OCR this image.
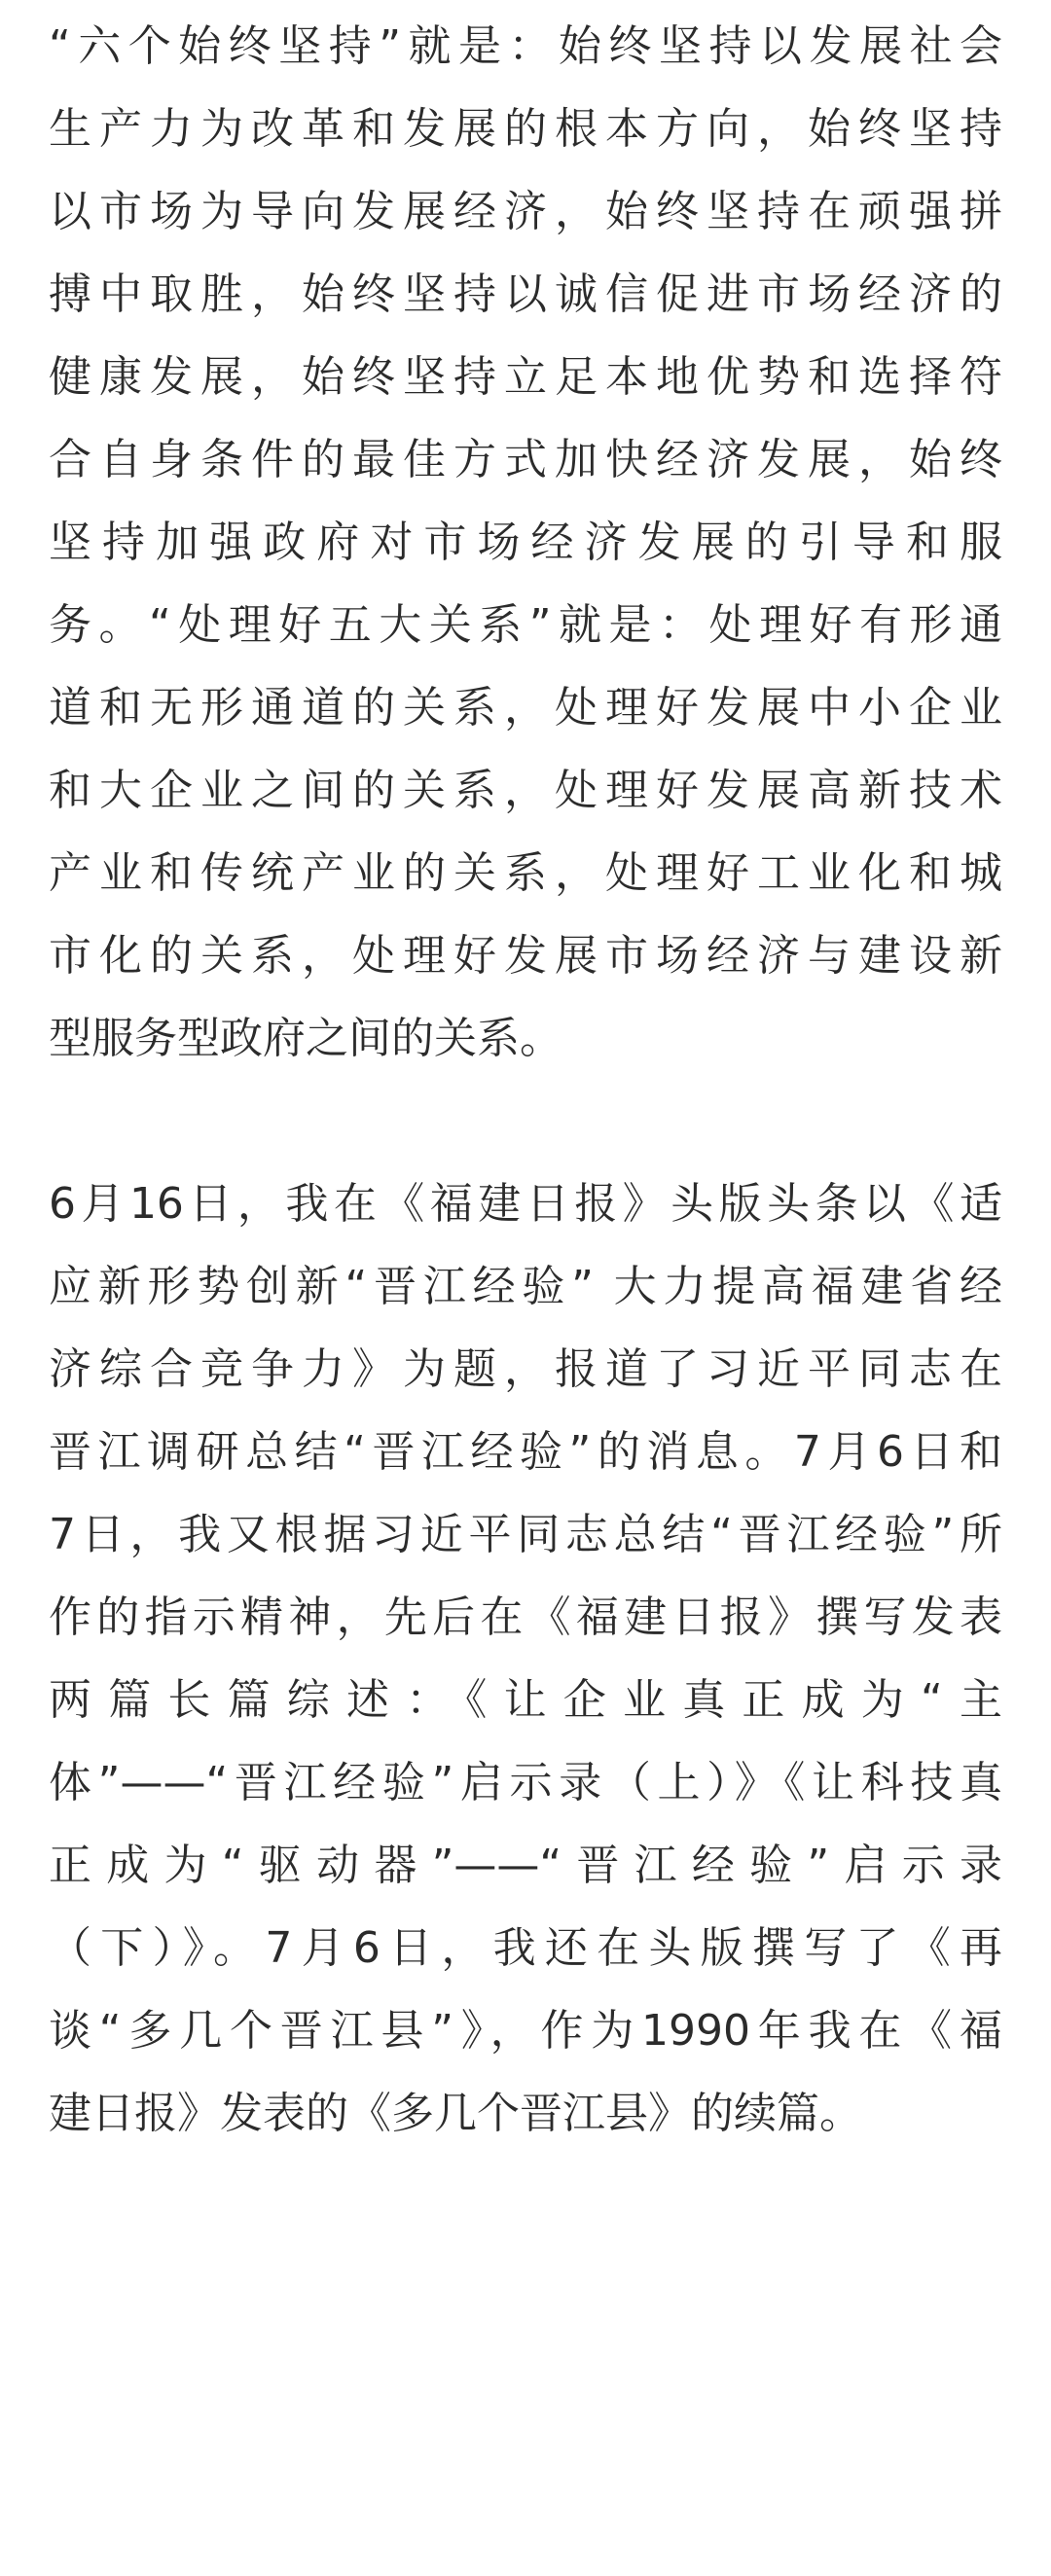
“六个始终坚持”就是：始终坚持以发展社会

生产力为改革和发展的根本方向，始终坚持

以市场为导向发展经济，始终坚持在顽强拼

搏中取胜，始终坚持以诚信促进市场经济的

健康发展，始终坚持立足本地优势和选择符

合自身条件的最佳方式加快经济发展，始终

坚持加强政府对市场经济发展的引导和服

务。“处理好五大关系”就是：处理好有形通

道和无形通道的关系，处理好发展中小企业

和大企业之间的关系，处理好发展高新技术

产业和传统产业的关系，处理好工业化和城

市化的关系，处理好发展市场经济与建设新

型服务型政府之间的关系。

6月16日，我在《福建日报》头版头条以《适

应新形势创新“晋江经验” 大力提高福建省经

济综合竞争力》为题，报道了习近平同志在

晋江调研总结“晋江经验”的消息。7月6日和

7日，我又根据习近平同志总结“晋江经验”所

作的指示精神，先后在《福建日报》撰写发表

两篇长篇综述：《让企业真正成为“主

体”——“晋江经验”启示录（上）》《让科技真

正成为“驱动器”——“晋江经验”启示录

（下）》。7月6日，我还在头版撰写了《再

谈“多几个晋江县”》，作为1990年我在《福

建日报》发表的《多几个晋江县》的续篇。
